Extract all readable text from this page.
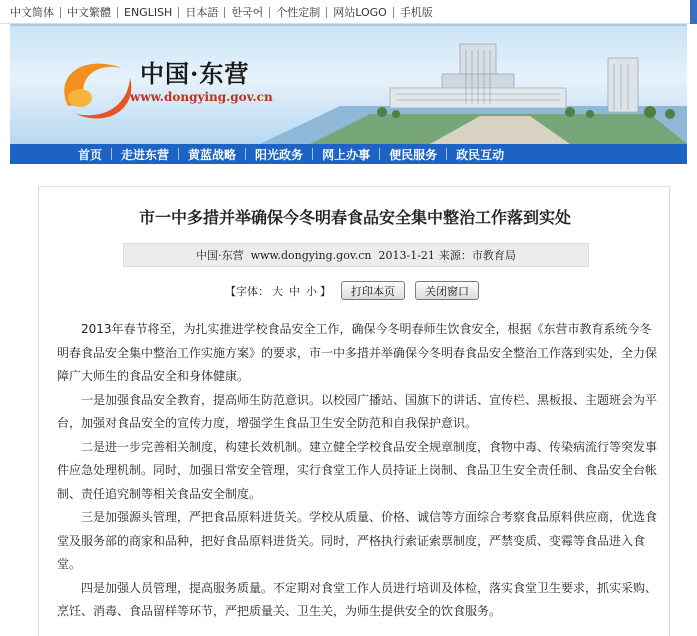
中文简体 中文繁體 ENGLISH 日本語 한국어 个性定制 网站LOGO 手机版
中国·东营
www.dongying.gov.cn
首页 走进东营 黄蓝战略 阳光政务 网上办事 便民服务 政民互动
市一中多措并举确保今冬明春食品安全集中整治工作落到实处
中国·东营 www.dongying.gov.cn 2013-1-21 来源：市教育局
【字体： 大 中 小 】	打印本页	关闭窗口

2013年春节将至，为扎实推进学校食品安全工作，确保今冬明春师生饮食安全，根据《东营市教育系统今冬明春食品安全集中整治工作实施方案》的要求，市一中多措并举确保今冬明春食品安全整治工作落到实处，全力保障广大师生的食品安全和身体健康。

一是加强食品安全教育，提高师生防范意识。以校园广播站、国旗下的讲话、宣传栏、黑板报、主题班会为平台，加强对食品安全的宣传力度，增强学生食品卫生安全防范和自我保护意识。

二是进一步完善相关制度，构建长效机制。建立健全学校食品安全规章制度，食物中毒、传染病流行等突发事件应急处理机制。同时，加强日常安全管理，实行食堂工作人员持证上岗制、食品卫生安全责任制、食品安全台帐制、责任追究制等相关食品安全制度。

三是加强源头管理，严把食品原料进货关。学校从质量、价格、诚信等方面综合考察食品原料供应商，优选食堂及服务部的商家和品种，把好食品原料进货关。同时，严格执行索证索票制度，严禁变质、变霉等食品进入食堂。

四是加强人员管理，提高服务质量。不定期对食堂工作人员进行培训及体检，落实食堂卫生要求，抓实采购、烹饪、消毒、食品留样等环节，严把质量关、卫生关，为师生提供安全的饮食服务。
